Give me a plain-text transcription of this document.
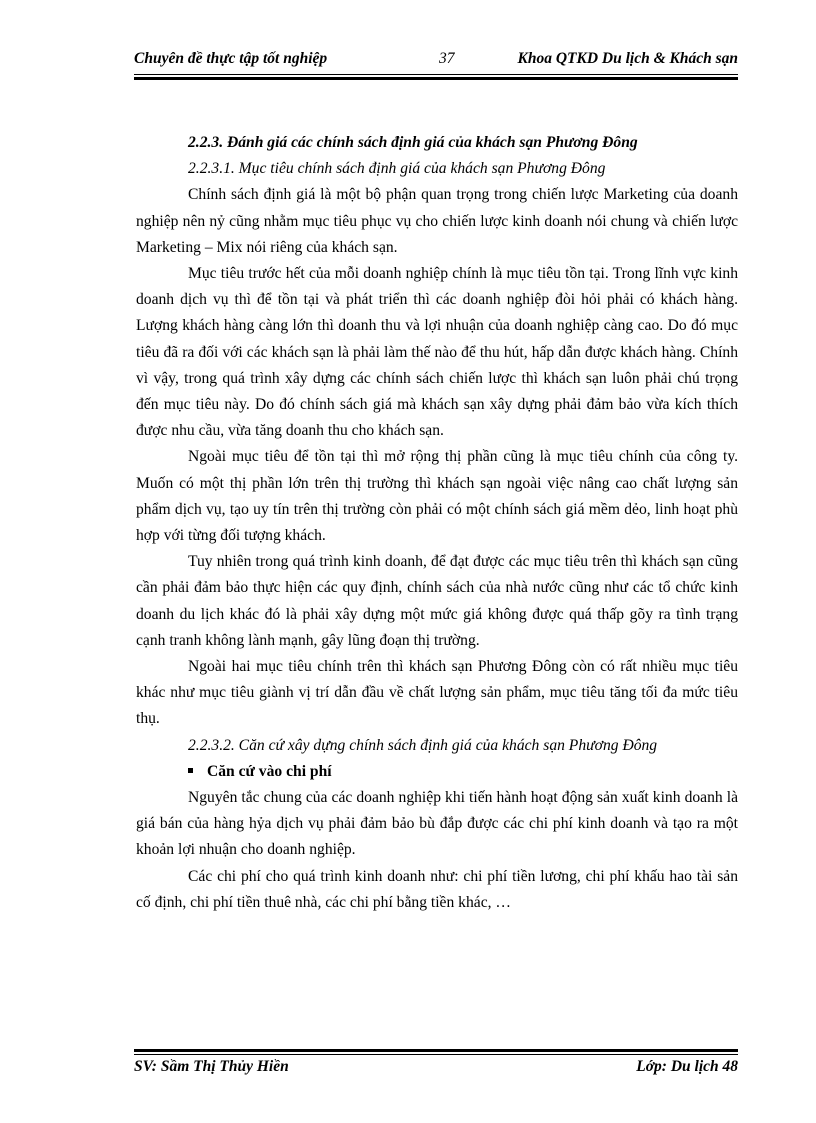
Chuyên đề thực tập tốt nghiệp	37	Khoa QTKD Du lịch & Khách sạn

2.2.3. Đánh giá các chính sách định giá của khách sạn Phương Đông

2.2.3.1. Mục tiêu chính sách định giá của khách sạn Phương Đông

Chính sách định giá là một bộ phận quan trọng trong chiến lược Marketing của doanh nghiệp nên nỷ cũng nhằm mục tiêu phục vụ cho chiến lược kinh doanh nói chung và chiến lược Marketing – Mix nói riêng của khách sạn.

Mục tiêu trước hết của mỗi doanh nghiệp chính là mục tiêu tồn tại. Trong lĩnh vực kinh doanh dịch vụ thì để tồn tại và phát triển thì các doanh nghiệp đòi hỏi phải có khách hàng. Lượng khách hàng càng lớn thì doanh thu và lợi nhuận của doanh nghiệp càng cao. Do đó mục tiêu đã ra đối với các khách sạn là phải làm thế nào để thu hút, hấp dẫn được khách hàng. Chính vì vậy, trong quá trình xây dựng các chính sách chiến lược thì khách sạn luôn phải chú trọng đến mục tiêu này. Do đó chính sách giá mà khách sạn xây dựng phải đảm bảo vừa kích thích được nhu cầu, vừa tăng doanh thu cho khách sạn.

Ngoài mục tiêu để tồn tại thì mở rộng thị phần cũng là mục tiêu chính của công ty. Muốn có một thị phần lớn trên thị trường thì khách sạn ngoài việc nâng cao chất lượng sản phẩm dịch vụ, tạo uy tín trên thị trường còn phải có một chính sách giá mềm dẻo, linh hoạt phù hợp với từng đối tượng khách.

Tuy nhiên trong quá trình kinh doanh, để đạt được các mục tiêu trên thì khách sạn cũng cần phải đảm bảo thực hiện các quy định, chính sách của nhà nước cũng như các tổ chức kinh doanh du lịch khác đó là phải xây dựng một mức giá không được quá thấp gõy ra tình trạng cạnh tranh không lành mạnh, gây lũng đoạn thị trường.

Ngoài hai mục tiêu chính trên thì khách sạn Phương Đông còn có rất nhiều mục tiêu khác như mục tiêu giành vị trí dẫn đầu về chất lượng sản phẩm, mục tiêu tăng tối đa mức tiêu thụ.

2.2.3.2. Căn cứ xây dựng chính sách định giá của khách sạn Phương Đông

Căn cứ vào chi phí

Nguyên tắc chung của các doanh nghiệp khi tiến hành hoạt động sản xuất kinh doanh là giá bán của hàng hỷa dịch vụ phải đảm bảo bù đắp được các chi phí kinh doanh và tạo ra một khoản lợi nhuận cho doanh nghiệp.

Các chi phí cho quá trình kinh doanh như: chi phí tiền lương, chi phí khấu hao tài sản cố định, chi phí tiền thuê nhà, các chi phí bằng tiền khác, …

SV: Sầm Thị Thủy Hiền	Lớp: Du lịch 48
